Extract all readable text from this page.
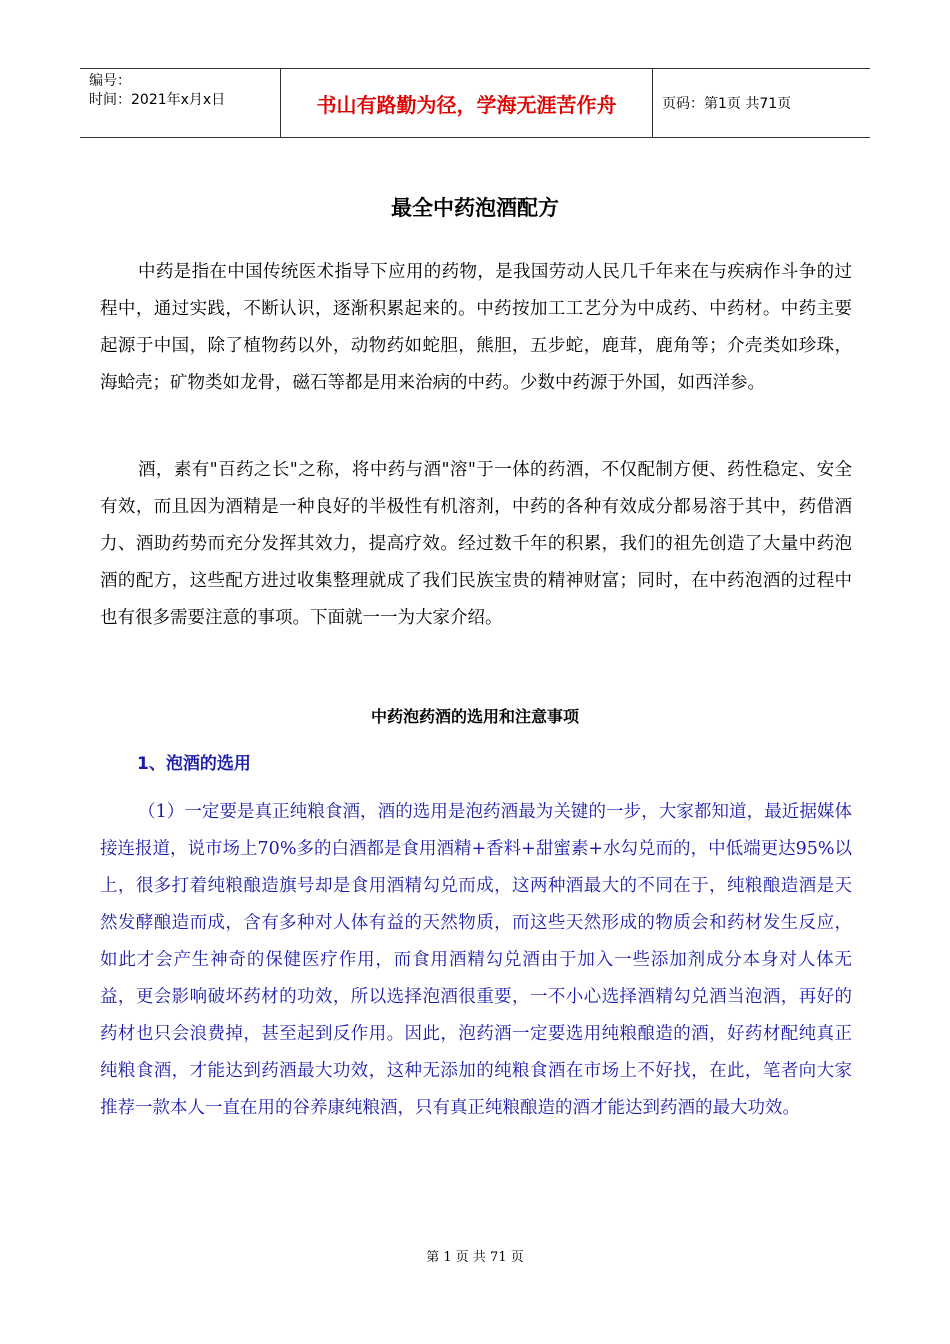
编号：
时间：2021年x月x日	书山有路勤为径，学海无涯苦作舟	页码：第1页 共71页
最全中药泡酒配方

中药是指在中国传统医术指导下应用的药物，是我国劳动人民几千年来在与疾病作斗争的过程中，通过实践，不断认识，逐渐积累起来的。中药按加工工艺分为中成药、中药材。中药主要起源于中国，除了植物药以外，动物药如蛇胆，熊胆，五步蛇，鹿茸，鹿角等；介壳类如珍珠，海蛤壳；矿物类如龙骨，磁石等都是用来治病的中药。少数中药源于外国，如西洋参。

酒，素有"百药之长"之称，将中药与酒"溶"于一体的药酒，不仅配制方便、药性稳定、安全有效，而且因为酒精是一种良好的半极性有机溶剂，中药的各种有效成分都易溶于其中，药借酒力、酒助药势而充分发挥其效力，提高疗效。经过数千年的积累，我们的祖先创造了大量中药泡酒的配方，这些配方进过收集整理就成了我们民族宝贵的精神财富；同时，在中药泡酒的过程中也有很多需要注意的事项。下面就一一为大家介绍。

中药泡药酒的选用和注意事项
1、泡酒的选用

（1）一定要是真正纯粮食酒，酒的选用是泡药酒最为关键的一步，大家都知道，最近据媒体接连报道，说市场上70%多的白酒都是食用酒精+香料+甜蜜素+水勾兑而的，中低端更达95%以上，很多打着纯粮酿造旗号却是食用酒精勾兑而成，这两种酒最大的不同在于，纯粮酿造酒是天然发酵酿造而成，含有多种对人体有益的天然物质，而这些天然形成的物质会和药材发生反应，如此才会产生神奇的保健医疗作用，而食用酒精勾兑酒由于加入一些添加剂成分本身对人体无益，更会影响破坏药材的功效，所以选择泡酒很重要，一不小心选择酒精勾兑酒当泡酒，再好的药材也只会浪费掉，甚至起到反作用。因此，泡药酒一定要选用纯粮酿造的酒，好药材配纯真正纯粮食酒，才能达到药酒最大功效，这种无添加的纯粮食酒在市场上不好找，在此，笔者向大家推荐一款本人一直在用的谷养康纯粮酒，只有真正纯粮酿造的酒才能达到药酒的最大功效。

第 1 页 共 71 页
